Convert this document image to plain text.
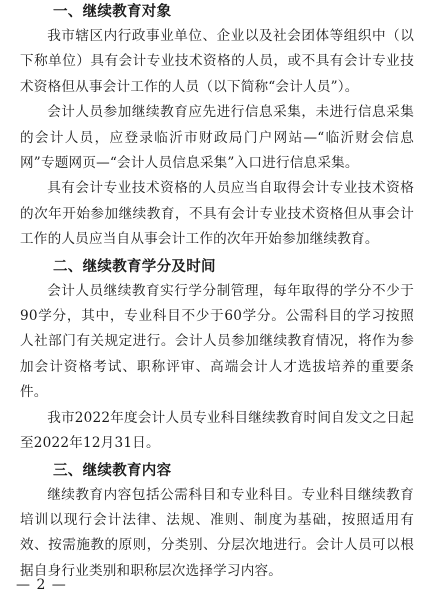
一、继续教育对象

我市辖区内行政事业单位、企业以及社会团体等组织中（以下称单位）具有会计专业技术资格的人员，或不具有会计专业技术资格但从事会计工作的人员（以下简称“会计人员”）。

会计人员参加继续教育应先进行信息采集，未进行信息采集的会计人员，应登录临沂市财政局门户网站—“临沂财会信息网”专题网页—“会计人员信息采集”入口进行信息采集。

具有会计专业技术资格的人员应当自取得会计专业技术资格的次年开始参加继续教育，不具有会计专业技术资格但从事会计工作的人员应当自从事会计工作的次年开始参加继续教育。

二、继续教育学分及时间

会计人员继续教育实行学分制管理，每年取得的学分不少于90学分，其中，专业科目不少于60学分。公需科目的学习按照人社部门有关规定进行。会计人员参加继续教育情况，将作为参加会计资格考试、职称评审、高端会计人才选拔培养的重要条件。

我市2022年度会计人员专业科目继续教育时间自发文之日起至2022年12月31日。

三、继续教育内容

继续教育内容包括公需科目和专业科目。专业科目继续教育培训以现行会计法律、法规、准则、制度为基础，按照适用有效、按需施教的原则，分类别、分层次地进行。会计人员可以根据自身行业类别和职称层次选择学习内容。

— 2 —
